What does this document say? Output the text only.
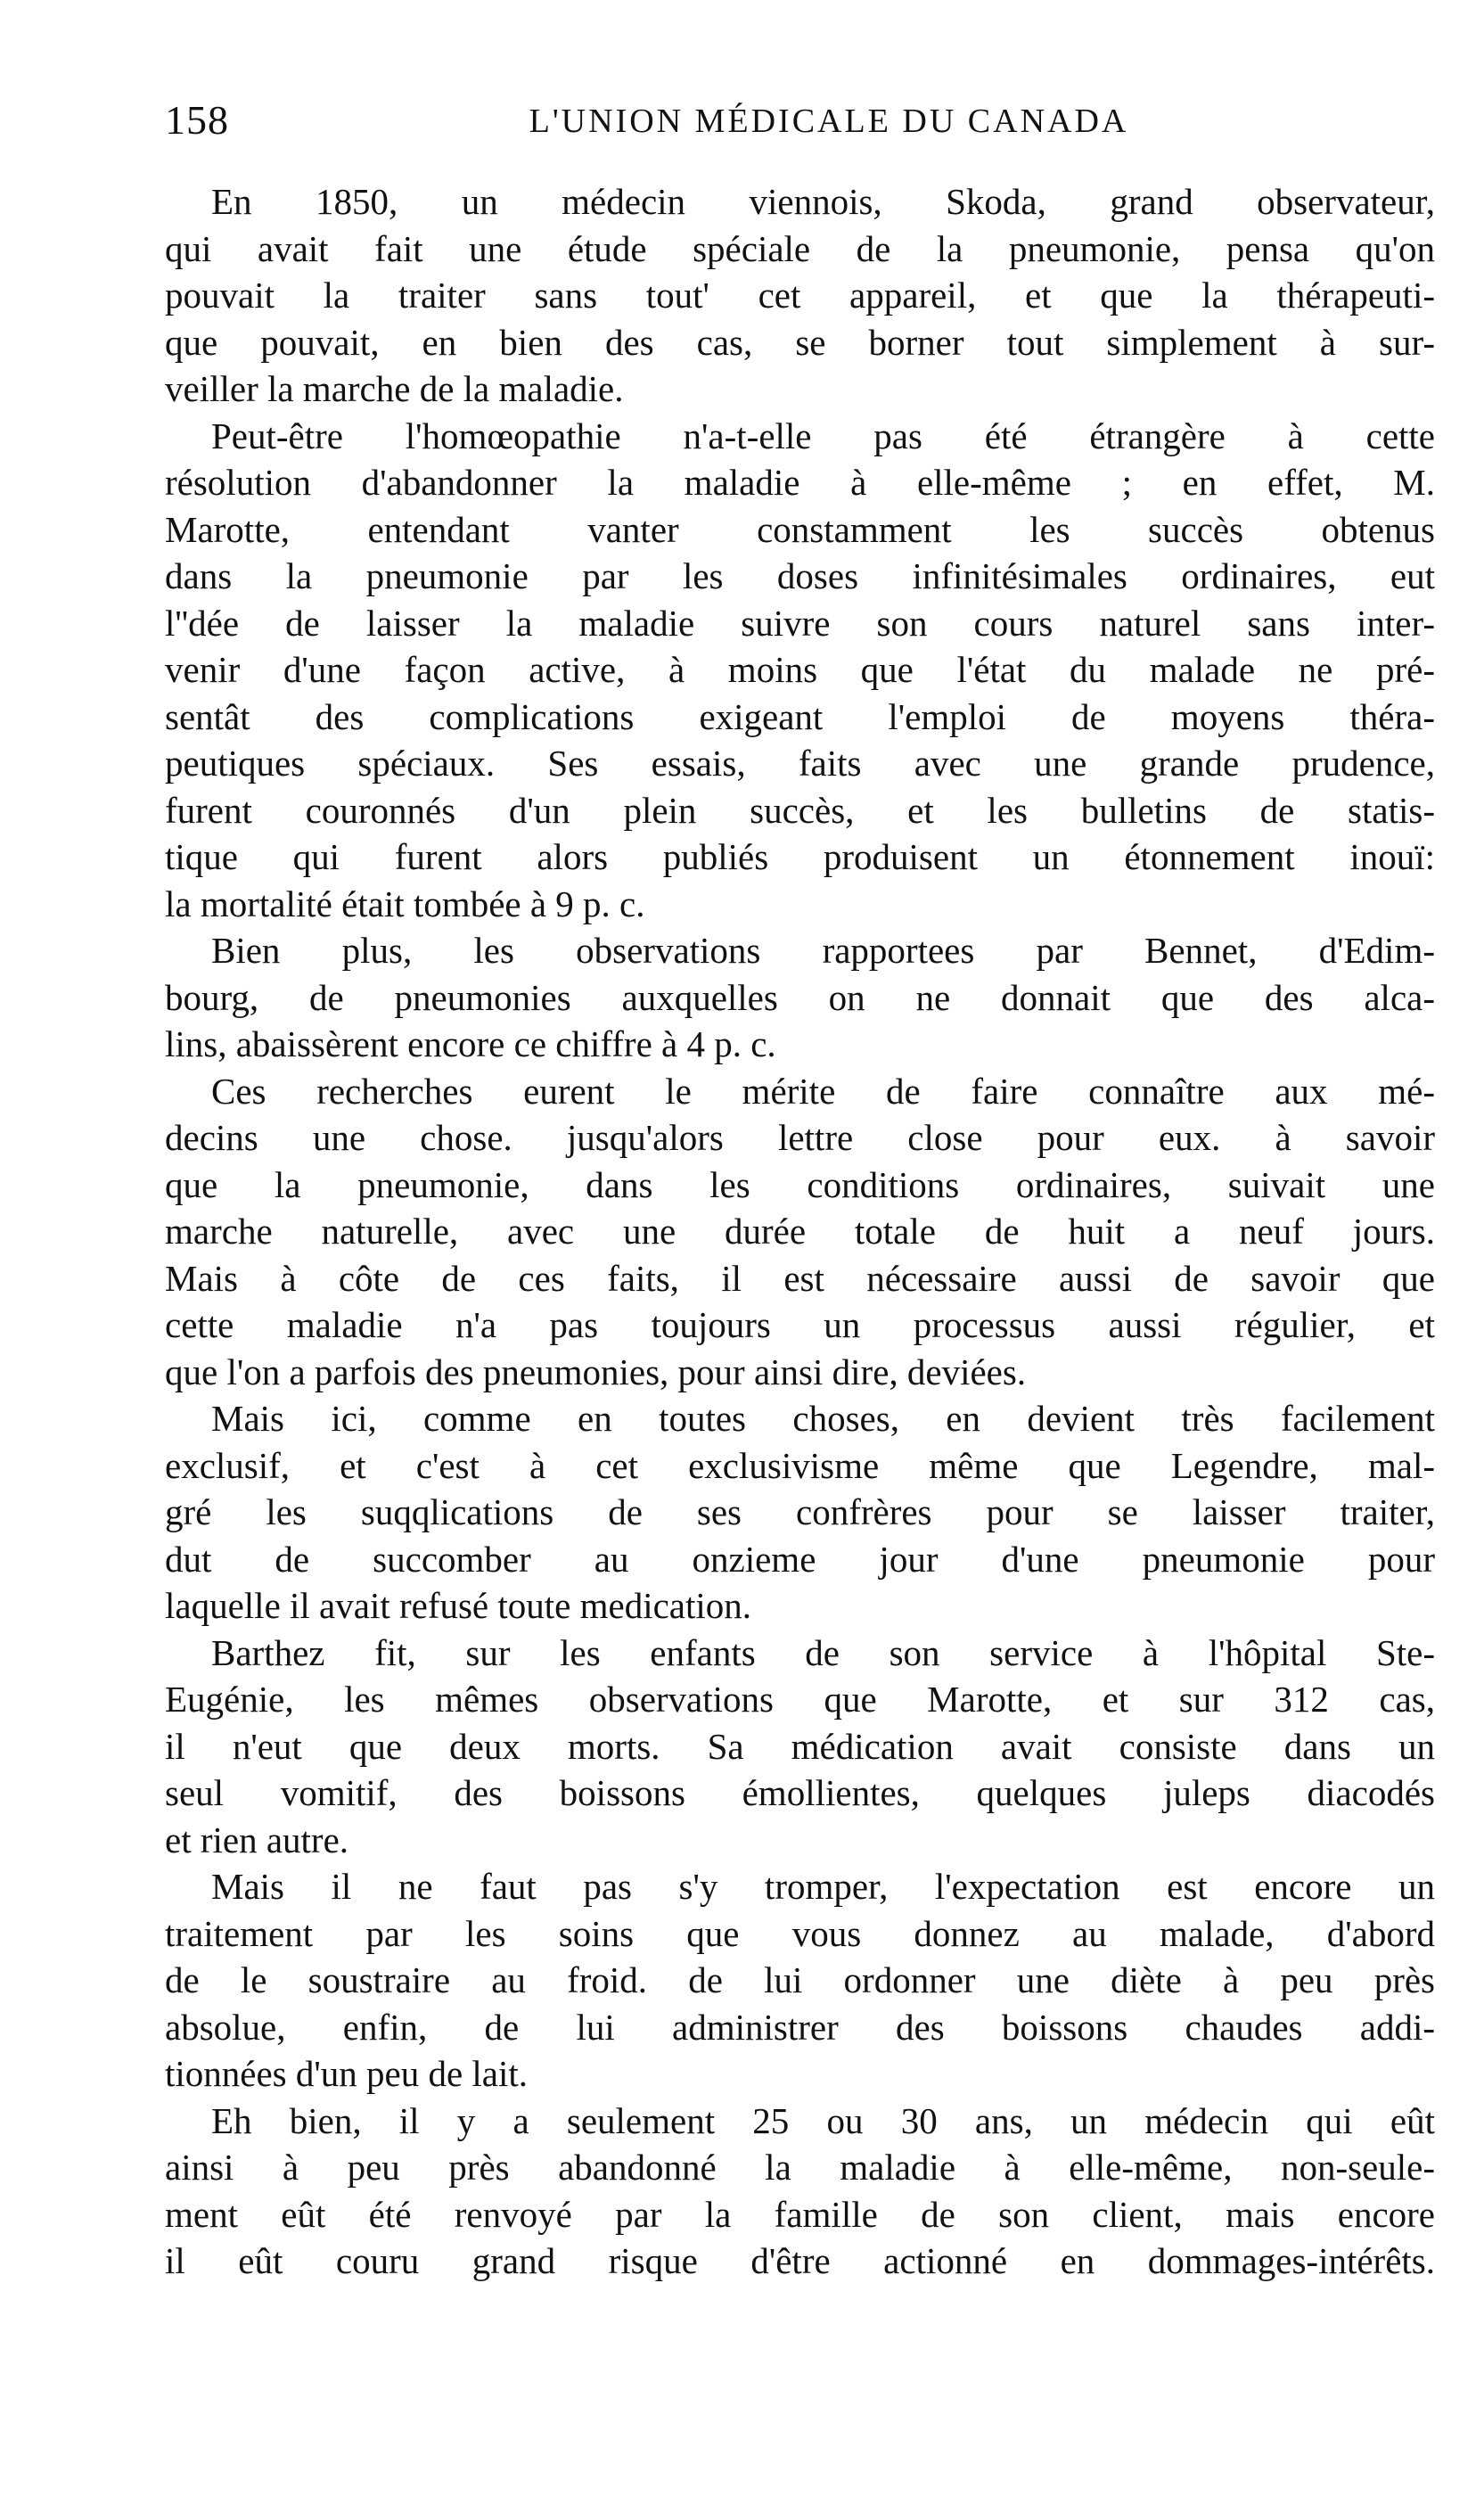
158	L'UNION MÉDICALE DU CANADA
En 1850, un médecin viennois, Skoda, grand observateur,
qui avait fait une étude spéciale de la pneumonie, pensa qu'on
pouvait la traiter sans tout' cet appareil, et que la thérapeuti-
que pouvait, en bien des cas, se borner tout simplement à sur-
veiller la marche de la maladie.
Peut-être l'homœopathie n'a-t-elle pas été étrangère à cette
résolution d'abandonner la maladie à elle-même ; en effet, M.
Marotte, entendant vanter constamment les succès obtenus
dans la pneumonie par les doses infinitésimales ordinaires, eut
l''dée de laisser la maladie suivre son cours naturel sans inter-
venir d'une façon active, à moins que l'état du malade ne pré-
sentât des complications exigeant l'emploi de moyens théra-
peutiques spéciaux. Ses essais, faits avec une grande prudence,
furent couronnés d'un plein succès, et les bulletins de statis-
tique qui furent alors publiés produisent un étonnement inouï:
la mortalité était tombée à 9 p. c.
Bien plus, les observations rapportees par Bennet, d'Edim-
bourg, de pneumonies auxquelles on ne donnait que des alca-
lins, abaissèrent encore ce chiffre à 4 p. c.
Ces recherches eurent le mérite de faire connaître aux mé-
decins une chose. jusqu'alors lettre close pour eux. à savoir
que la pneumonie, dans les conditions ordinaires, suivait une
marche naturelle, avec une durée totale de huit a neuf jours.
Mais à côte de ces faits, il est nécessaire aussi de savoir que
cette maladie n'a pas toujours un processus aussi régulier, et
que l'on a parfois des pneumonies, pour ainsi dire, deviées.
Mais ici, comme en toutes choses, en devient très facilement
exclusif, et c'est à cet exclusivisme même que Legendre, mal-
gré les suqqlications de ses confrères pour se laisser traiter,
dut de succomber au onzieme jour d'une pneumonie pour
laquelle il avait refusé toute medication.
Barthez fit, sur les enfants de son service à l'hôpital Ste-
Eugénie, les mêmes observations que Marotte, et sur 312 cas,
il n'eut que deux morts. Sa médication avait consiste dans un
seul vomitif, des boissons émollientes, quelques juleps diacodés
et rien autre.
Mais il ne faut pas s'y tromper, l'expectation est encore un
traitement par les soins que vous donnez au malade, d'abord
de le soustraire au froid. de lui ordonner une diète à peu près
absolue, enfin, de lui administrer des boissons chaudes addi-
tionnées d'un peu de lait.
Eh bien, il y a seulement 25 ou 30 ans, un médecin qui eût
ainsi à peu près abandonné la maladie à elle-même, non-seule-
ment eût été renvoyé par la famille de son client, mais encore
il eût couru grand risque d'être actionné en dommages-intérêts.
